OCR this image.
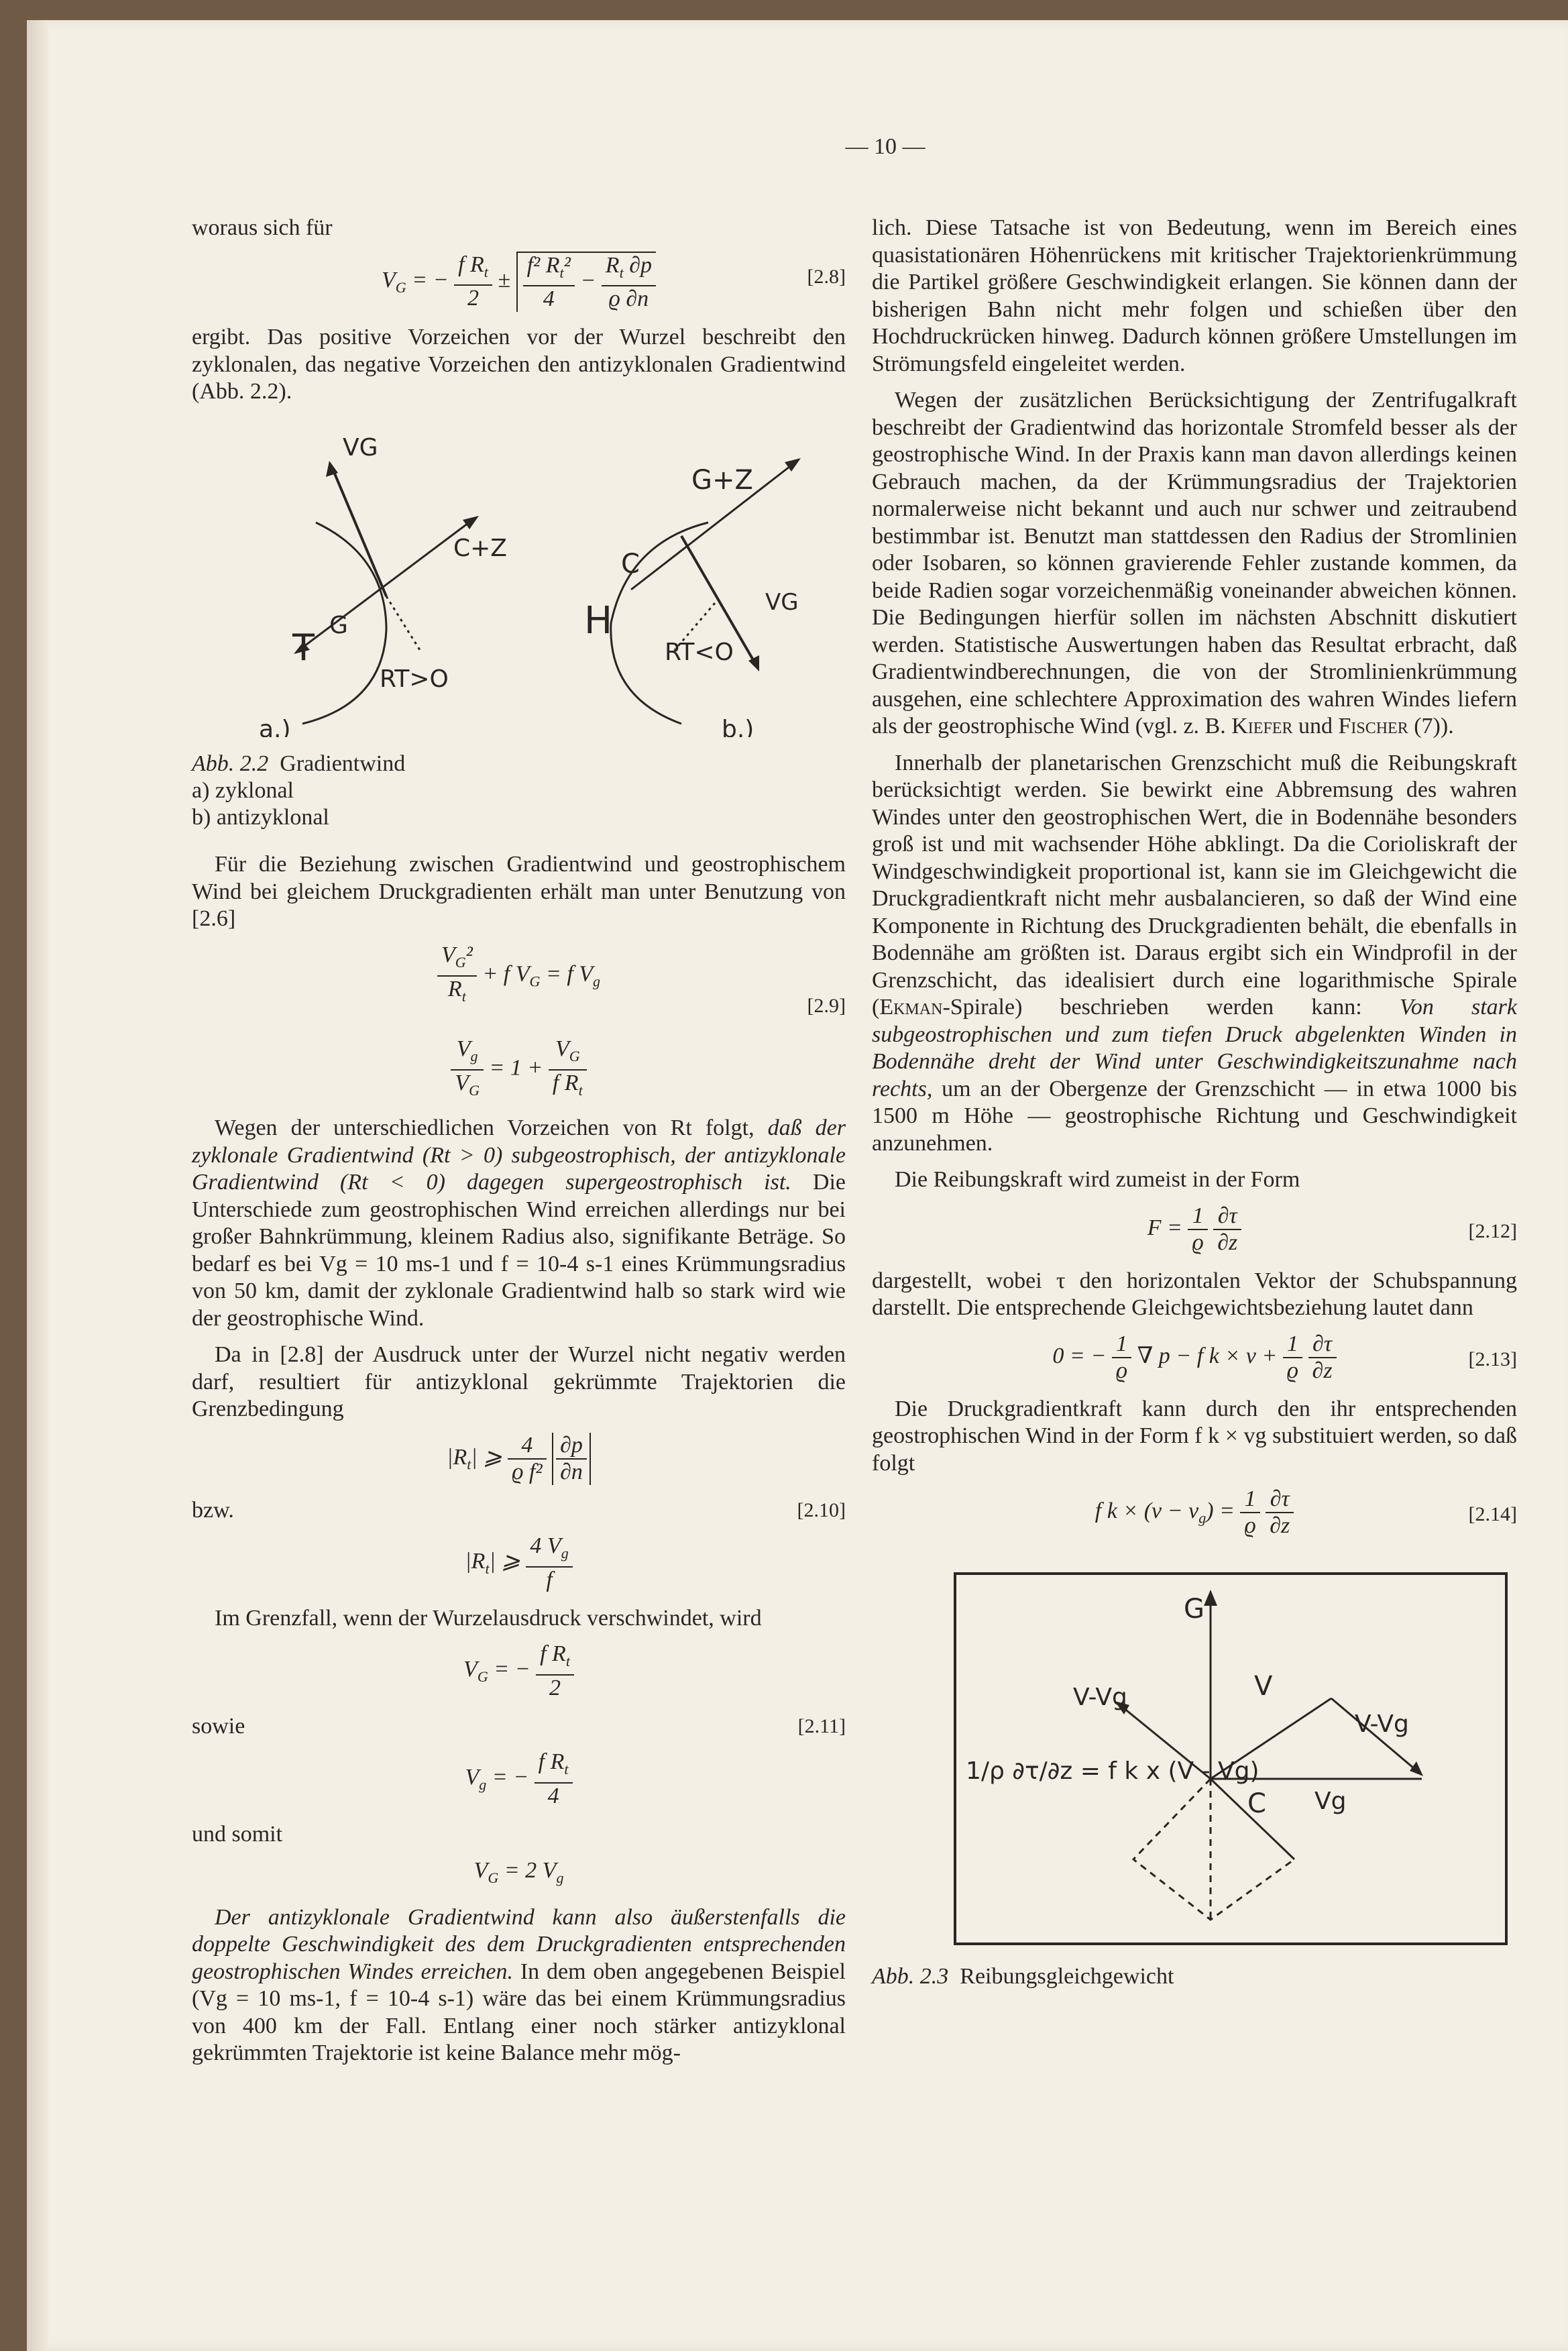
— 10 —

woraus sich für

$V_G$ = − $\frac{f R_t}{2} \pm \frac{f^2 R_t^2}{4} - \frac{R_t \partial p}{ϱ \partial n}$	[2.8]

ergibt. Das positive Vorzeichen vor der Wurzel beschreibt den zyklonalen, das negative Vorzeichen den antizyklonalen Gradientwind (Abb. 2.2).

VG
C+Z
G
T
RT>O
a.)
G+Z
C
H	VG
RT<O
b.)
Abb. 2.2 Gradientwind
a) zyklonal
b) antizyklonal

Für die Beziehung zwischen Gradientwind und geostrophischem Wind bei gleichem Druckgradienten erhält man unter Benutzung von [2.6]

$\frac{V_G^2}{R_t} + f$ $V_G = f$ $V_g$

[2.9]

$\frac{V_g}{V_G} = 1 + \frac{V_G}{f R_t}$

Wegen der unterschiedlichen Vorzeichen von Rt folgt, daß der zyklonale Gradientwind (Rt > 0) subgeostrophisch, der antizyklonale Gradientwind (Rt < 0) dagegen supergeostrophisch ist. Die Unterschiede zum geostrophischen Wind erreichen allerdings nur bei großer Bahnkrümmung, kleinem Radius also, signifikante Beträge. So bedarf es bei Vg = 10 ms-1 und f = 10-4 s-1 eines Krümmungsradius von 50 km, damit der zyklonale Gradientwind halb so stark wird wie der geostrophische Wind.

Da in [2.8] der Ausdruck unter der Wurzel nicht negativ werden darf, resultiert für antizyklonal gekrümmte Trajektorien die Grenzbedingung

$|R_t|$ ⩾ $\frac{4}{\text{ϱ f²}}$
$\frac{\partial p}{\partial n}$
bzw.	[2.10]
$|R_t|$ ⩾ $\frac{4 V_g}{f}$

Im Grenzfall, wenn der Wurzelausdruck verschwindet, wird

$V_G$ = − $\frac{f R_t}{2}$
sowie	[2.11]
$V_g$ = − $\frac{f R_t}{4}$

und somit

$V_G = 2$ $V_g$

Der antizyklonale Gradientwind kann also äußerstenfalls die doppelte Geschwindigkeit des dem Druckgradienten entsprechenden geostrophischen Windes erreichen. In dem oben angegebenen Beispiel (Vg = 10 ms-1, f = 10-4 s-1) wäre das bei einem Krümmungsradius von 400 km der Fall. Entlang einer noch stärker antizyklonal gekrümmten Trajektorie ist keine Balance mehr mög-

lich. Diese Tatsache ist von Bedeutung, wenn im Bereich eines quasistationären Höhenrückens mit kritischer Trajektorienkrümmung die Partikel größere Geschwindigkeit erlangen. Sie können dann der bisherigen Bahn nicht mehr folgen und schießen über den Hochdruckrücken hinweg. Dadurch können größere Umstellungen im Strömungsfeld eingeleitet werden.

Wegen der zusätzlichen Berücksichtigung der Zentrifugalkraft beschreibt der Gradientwind das horizontale Stromfeld besser als der geostrophische Wind. In der Praxis kann man davon allerdings keinen Gebrauch machen, da der Krümmungsradius der Trajektorien normalerweise nicht bekannt und auch nur schwer und zeitraubend bestimmbar ist. Benutzt man stattdessen den Radius der Stromlinien oder Isobaren, so können gravierende Fehler zustande kommen, da beide Radien sogar vorzeichenmäßig voneinander abweichen können. Die Bedingungen hierfür sollen im nächsten Abschnitt diskutiert werden. Statistische Auswertungen haben das Resultat erbracht, daß Gradientwindberechnungen, die von der Stromlinienkrümmung ausgehen, eine schlechtere Approximation des wahren Windes liefern als der geostrophische Wind (vgl. z. B. Kiefer und Fischer (7)).

Innerhalb der planetarischen Grenzschicht muß die Reibungskraft berücksichtigt werden. Sie bewirkt eine Abbremsung des wahren Windes unter den geostrophischen Wert, die in Bodennähe besonders groß ist und mit wachsender Höhe abklingt. Da die Corioliskraft der Windgeschwindigkeit proportional ist, kann sie im Gleichgewicht die Druckgradientkraft nicht mehr ausbalancieren, so daß der Wind eine Komponente in Richtung des Druckgradienten behält, die ebenfalls in Bodennähe am größten ist. Daraus ergibt sich ein Windprofil in der Grenzschicht, das idealisiert durch eine logarithmische Spirale (Ekman-Spirale) beschrieben werden kann: Von stark subgeostrophischen und zum tiefen Druck abgelenkten Winden in Bodennähe dreht der Wind unter Geschwindigkeitszunahme nach rechts, um an der Obergenze der Grenzschicht — in etwa 1000 bis 1500 m Höhe — geostrophische Richtung und Geschwindigkeit anzunehmen.

Die Reibungskraft wird zumeist in der Form

$F = \frac{1}{ϱ}$
$\frac{\partial\tau}{\partial z}$	[2.12]

dargestellt, wobei τ den horizontalen Vektor der Schubspannung darstellt. Die entsprechende Gleichgewichtsbeziehung lautet dann

0 = − $\frac{1}{ϱ}$ ∇ p − f $k \times v + \frac{1}{ϱ}$
$\frac{\partial\tau}{\partial z}$	[2.13]

Die Druckgradientkraft kann durch den ihr entsprechenden geostrophischen Wind in der Form f k × vg substituiert werden, so daß folgt

f $k \times (v - v_g) = \frac{1}{ϱ}$
$\frac{\partial\tau}{\partial z}$	[2.14]
G
V
V-Vg
V-Vg
Vg
C
1/ρ ∂τ/∂z = f k x (V - Vg)
Abb. 2.3 Reibungsgleichgewicht
